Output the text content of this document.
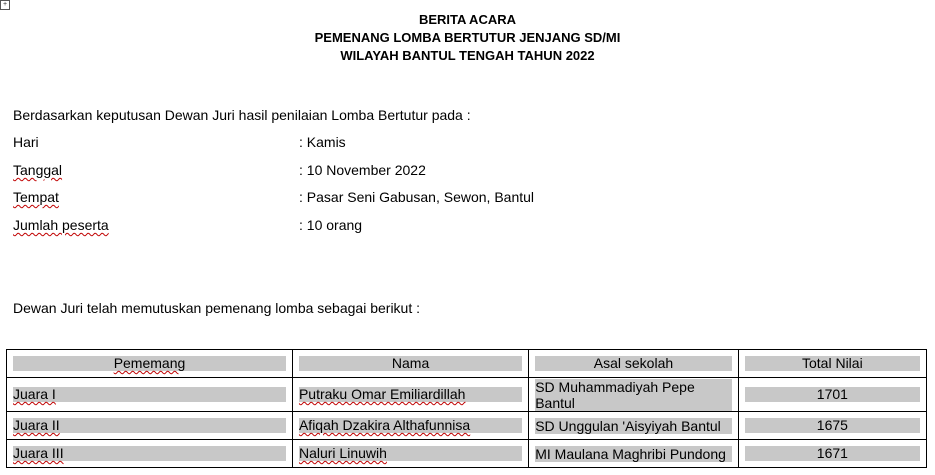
+
BERITA ACARA
PEMENANG LOMBA BERTUTUR JENJANG SD/MI
WILAYAH BANTUL TENGAH TAHUN 2022
Berdasarkan keputusan Dewan Juri hasil penilaian Lomba Bertutur pada :
Hari	: Kamis
Tanggal	: 10 November 2022
Tempat	: Pasar Seni Gabusan, Sewon, Bantul
Jumlah peserta	: 10 orang
Dewan Juri telah memutuskan pemenang lomba sebagai berikut :
Pememang	Nama	Asal sekolah	Total Nilai

Juara I	Putraku Omar Emiliardillah	SD Muhammadiyah Pepe Bantul	1701

Juara II	Afiqah Dzakira Althafunnisa	SD Unggulan 'Aisyiyah Bantul	1675

Juara III	Naluri Linuwih	MI Maulana Maghribi Pundong	1671
